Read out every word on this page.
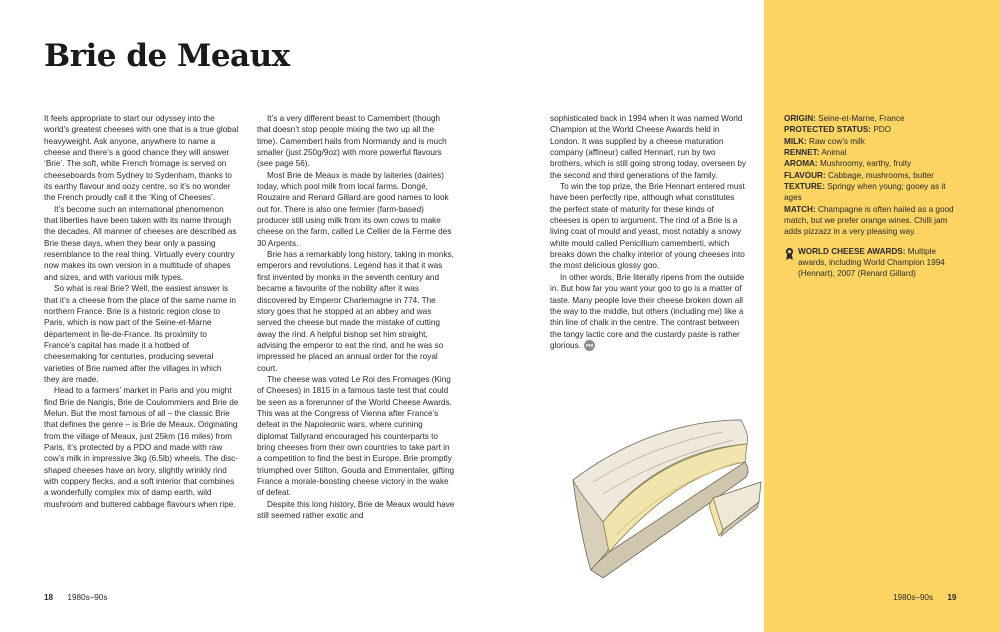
Brie de Meaux

It feels appropriate to start our odyssey into the world’s greatest cheeses with one that is a true global heavyweight. Ask anyone, anywhere to name a cheese and there’s a good chance they will answer ‘Brie’. The soft, white French fromage is served on cheeseboards from Sydney to Sydenham, thanks to its earthy flavour and oozy centre, so it’s no wonder the French proudly call it the ‘King of Cheeses’.

It’s become such an international phenomenon that liberties have been taken with its name through the decades. All manner of cheeses are described as Brie these days, when they bear only a passing resemblance to the real thing. Virtually every country now makes its own version in a multitude of shapes and sizes, and with various milk types.

So what is real Brie? Well, the easiest answer is that it’s a cheese from the place of the same name in northern France. Brie is a historic region close to Paris, which is now part of the Seine-et-Marne département in Île-de-France. Its proximity to France’s capital has made it a hotbed of cheesemaking for centuries, producing several varieties of Brie named after the villages in which they are made.

Head to a farmers’ market in Paris and you might find Brie de Nangis, Brie de Coulommiers and Brie de Melun. But the most famous of all – the classic Brie that defines the genre – is Brie de Meaux. Originating from the village of Meaux, just 25km (16 miles) from Paris, it’s protected by a PDO and made with raw cow’s milk in impressive 3kg (6.5lb) wheels. The disc-shaped cheeses have an ivory, slightly wrinkly rind with coppery flecks, and a soft interior that combines a wonderfully complex mix of damp earth, wild mushroom and buttered cabbage flavours when ripe.

It’s a very different beast to Camembert (though that doesn’t stop people mixing the two up all the time). Camembert hails from Normandy and is much smaller (just 250g/9oz) with more powerful flavours (see page 56).

Most Brie de Meaux is made by laiteries (dairies) today, which pool milk from local farms. Dongé, Rouzaire and Renard Gillard are good names to look out for. There is also one fermier (farm-based) producer still using milk from its own cows to make cheese on the farm, called Le Cellier de la Ferme des 30 Arpents.

Brie has a remarkably long history, taking in monks, emperors and revolutions. Legend has it that it was first invented by monks in the seventh century and became a favourite of the nobility after it was discovered by Emperor Charlemagne in 774. The story goes that he stopped at an abbey and was served the cheese but made the mistake of cutting away the rind. A helpful bishop set him straight, advising the emperor to eat the rind, and he was so impressed he placed an annual order for the royal court.

The cheese was voted Le Roi des Fromages (King of Cheeses) in 1815 in a famous taste test that could be seen as a forerunner of the World Cheese Awards. This was at the Congress of Vienna after France’s defeat in the Napoleonic wars, where cunning diplomat Tallyrand encouraged his counterparts to bring cheeses from their own countries to take part in a competition to find the best in Europe. Brie promptly triumphed over Stilton, Gouda and Emmentaler, gifting France a morale-boosting cheese victory in the wake of defeat.

Despite this long history, Brie de Meaux would have still seemed rather exotic and

sophisticated back in 1994 when it was named World Champion at the World Cheese Awards held in London. It was supplied by a cheese maturation company (affineur) called Hennart, run by two brothers, which is still going strong today, overseen by the second and third generations of the family.

To win the top prize, the Brie Hennart entered must have been perfectly ripe, although what constitutes the perfect state of maturity for these kinds of cheeses is open to argument. The rind of a Brie is a living coat of mould and yeast, most notably a snowy white mould called Penicillium camemberti, which breaks down the chalky interior of young cheeses into the most delicious glossy goo.

In other words, Brie literally ripens from the outside in. But how far you want your goo to go is a matter of taste. Many people love their cheese broken down all the way to the middle, but others (including me) like a thin line of chalk in the centre. The contrast between the tangy lactic core and the custardy paste is rather glorious. PM

ORIGIN: Seine-et-Marne, France

PROTECTED STATUS: PDO

MILK: Raw cow’s milk

RENNET: Animal

AROMA: Mushroomy, earthy, fruity

FLAVOUR: Cabbage, mushrooms, butter

TEXTURE: Springy when young; gooey as it ages

MATCH: Champagne is often hailed as a good match, but we prefer orange wines. Chilli jam adds pizzazz in a very pleasing way.

WORLD CHEESE AWARDS: Multiple awards, including World Champion 1994 (Hennart), 2007 (Renard Gillard)
18 1980s–90s	1980s–90s 19
